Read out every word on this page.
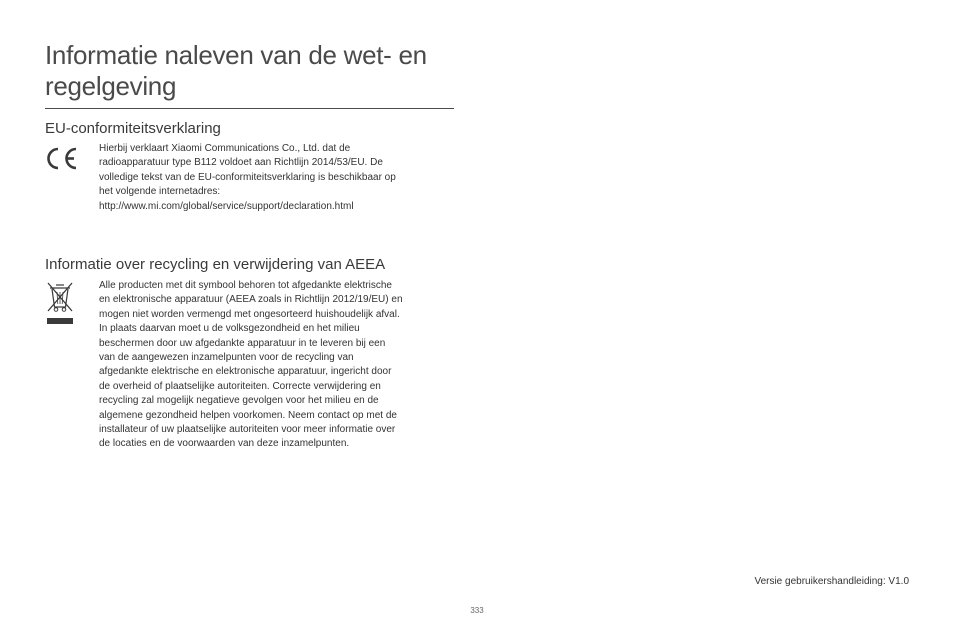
Informatie naleven van de wet- en
regelgeving
EU-conformiteitsverklaring

Hierbij verklaart Xiaomi Communications Co., Ltd. dat de
radioapparatuur type B112 voldoet aan Richtlijn 2014/53/EU. De
volledige tekst van de EU-conformiteitsverklaring is beschikbaar op
het volgende internetadres:
http://www.mi.com/global/service/support/declaration.html

Informatie over recycling en verwijdering van AEEA

Alle producten met dit symbool behoren tot afgedankte elektrische
en elektronische apparatuur (AEEA zoals in Richtlijn 2012/19/EU) en
mogen niet worden vermengd met ongesorteerd huishoudelijk afval.
In plaats daarvan moet u de volksgezondheid en het milieu
beschermen door uw afgedankte apparatuur in te leveren bij een
van de aangewezen inzamelpunten voor de recycling van
afgedankte elektrische en elektronische apparatuur, ingericht door
de overheid of plaatselijke autoriteiten. Correcte verwijdering en
recycling zal mogelijk negatieve gevolgen voor het milieu en de
algemene gezondheid helpen voorkomen. Neem contact op met de
installateur of uw plaatselijke autoriteiten voor meer informatie over
de locaties en de voorwaarden van deze inzamelpunten.

Versie gebruikershandleiding: V1.0
333
